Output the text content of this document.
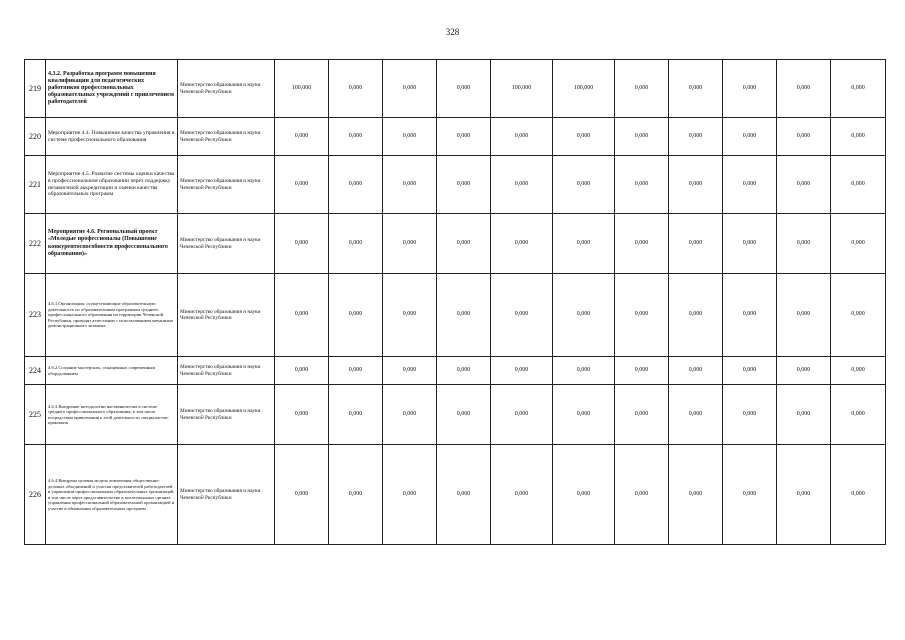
328
219	4.3.2. Разработка программ повышения квалификации для педагогических работников профессиональных образовательных учреждений с привлечением работодателей	Министерство образования и науки Чеченской Республики	100,000	0,000	0,000	0,000	100,000	100,000	0,000	0,000	0,000	0,000	0,000
220	Мероприятие 4.4. Повышение качества управления в системе профессионального образования	Министерство образования и науки Чеченской Республики	0,000	0,000	0,000	0,000	0,000	0,000	0,000	0,000	0,000	0,000	0,000
221	Мероприятие 4.5. Развитие системы оценки качества в профессиональном образовании через поддержку независимой аккредитации и оценки качества образовательных программ	Министерство образования и науки Чеченской Республики	0,000	0,000	0,000	0,000	0,000	0,000	0,000	0,000	0,000	0,000	0,000
222	Мероприятие 4.6. Региональный проект «Молодые профессионалы (Повышение конкурентоспособности профессионального образования)»	Министерство образования и науки Чеченской Республики	0,000	0,000	0,000	0,000	0,000	0,000	0,000	0,000	0,000	0,000	0,000
223	4.6.1.Организации, осуществляющие образовательную деятельность по образовательным программам среднего профессионального образования на территории Чеченской Республики, проводят аттестацию с использованием механизма демонстрационного экзамена	Министерство образования и науки Чеченской Республики	0,000	0,000	0,000	0,000	0,000	0,000	0,000	0,000	0,000	0,000	0,000
224	4.6.2.Создание мастерских, оснащенных современным оборудованием	Министерство образования и науки Чеченской Республики	0,000	0,000	0,000	0,000	0,000	0,000	0,000	0,000	0,000	0,000	0,000
225	4.6.3.Внедрение методологии наставничества в системе среднего профессионального образования, в том числе посредством привлечения к этой деятельности специалистов-практиков	Министерство образования и науки Чеченской Республики	0,000	0,000	0,000	0,000	0,000	0,000	0,000	0,000	0,000	0,000	0,000
226	4.6.4.Внедрена целевая модель вовлечения общественно-деловых объединений и участия представителей работодателей в управлении профессиональных образовательных организаций, в том числе через представительство в коллегиальных органах управления профессиональной образовательной организацией и участие в обновлении образовательных программ	Министерство образования и науки Чеченской Республики	0,000	0,000	0,000	0,000	0,000	0,000	0,000	0,000	0,000	0,000	0,000
